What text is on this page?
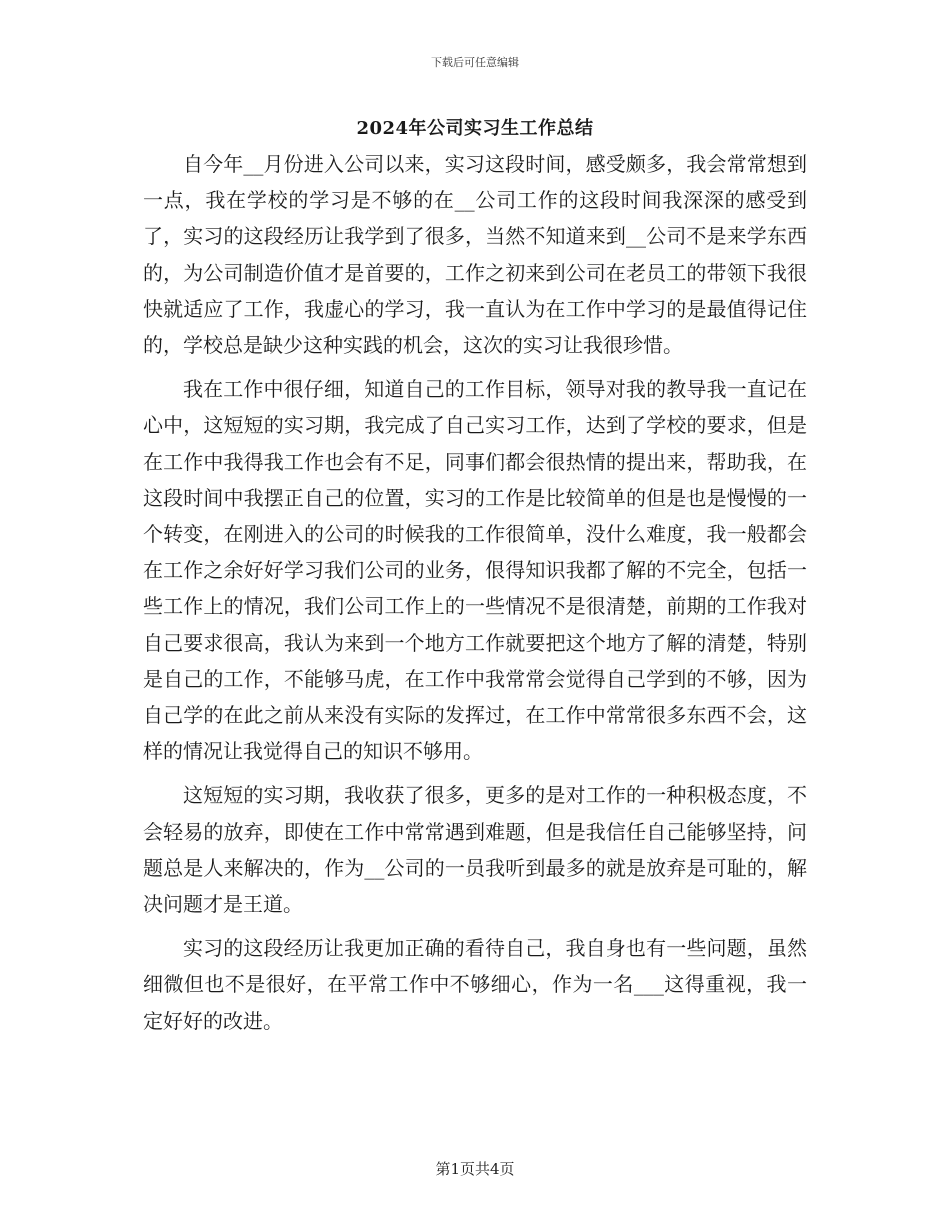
下载后可任意编辑
2024年公司实习生工作总结

自今年__月份进入公司以来，实习这段时间，感受颇多，我会常常想到一点，我在学校的学习是不够的在__公司工作的这段时间我深深的感受到了，实习的这段经历让我学到了很多，当然不知道来到__公司不是来学东西的，为公司制造价值才是首要的，工作之初来到公司在老员工的带领下我很快就适应了工作，我虚心的学习，我一直认为在工作中学习的是最值得记住的，学校总是缺少这种实践的机会，这次的实习让我很珍惜。

我在工作中很仔细，知道自己的工作目标，领导对我的教导我一直记在心中，这短短的实习期，我完成了自己实习工作，达到了学校的要求，但是在工作中我得我工作也会有不足，同事们都会很热情的提出来，帮助我，在这段时间中我摆正自己的位置，实习的工作是比较简单的但是也是慢慢的一个转变，在刚进入的公司的时候我的工作很简单，没什么难度，我一般都会在工作之余好好学习我们公司的业务，佷得知识我都了解的不完全，包括一些工作上的情况，我们公司工作上的一些情况不是很清楚，前期的工作我对自己要求很高，我认为来到一个地方工作就要把这个地方了解的清楚，特别是自己的工作，不能够马虎，在工作中我常常会觉得自己学到的不够，因为自己学的在此之前从来没有实际的发挥过，在工作中常常很多东西不会，这样的情况让我觉得自己的知识不够用。

这短短的实习期，我收获了很多，更多的是对工作的一种积极态度，不会轻易的放弃，即使在工作中常常遇到难题，但是我信任自己能够坚持，问题总是人来解决的，作为__公司的一员我听到最多的就是放弃是可耻的，解决问题才是王道。

实习的这段经历让我更加正确的看待自己，我自身也有一些问题，虽然细微但也不是很好，在平常工作中不够细心，作为一名___这得重视，我一定好好的改进。

第1页共4页
